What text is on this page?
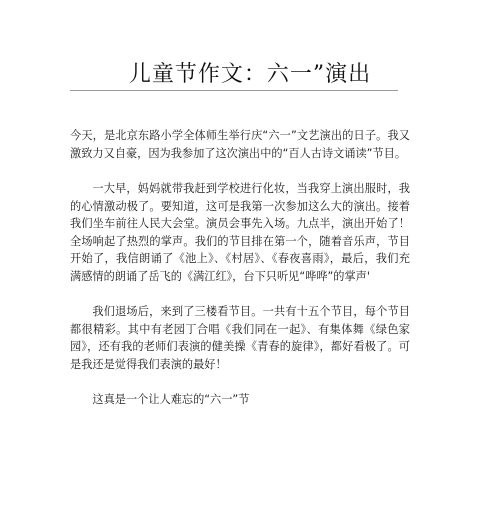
儿童节作文：六一”演出

今天，是北京东路小学全体师生举行庆“六一”文艺演出的日子。我又激致力又自豪，因为我参加了这次演出中的“百人古诗文诵读”节目。

一大早，妈妈就带我赶到学校进行化妆，当我穿上演出服时，我的心情激动极了。要知道，这可是我第一次参加这么大的演出。接着我们坐车前往人民大会堂。演员会事先入场。九点半，演出开始了！全场响起了热烈的掌声。我们的节目排在第一个，随着音乐声，节目开始了，我信朗诵了《池上》、《村居》、《春夜喜雨》，最后，我们充满感情的朗诵了岳飞的《满江红》，台下只听见“哗哗”的掌声'

我们退场后，来到了三楼看节目。一共有十五个节目，每个节目都很精彩。其中有老园丁合唱《我们同在一起》、有集体舞《绿色家园》，还有我的老师们表演的健美操《青春的旋律》，都好看极了。可是我还是觉得我们表演的最好！

这真是一个让人难忘的“六一”节
